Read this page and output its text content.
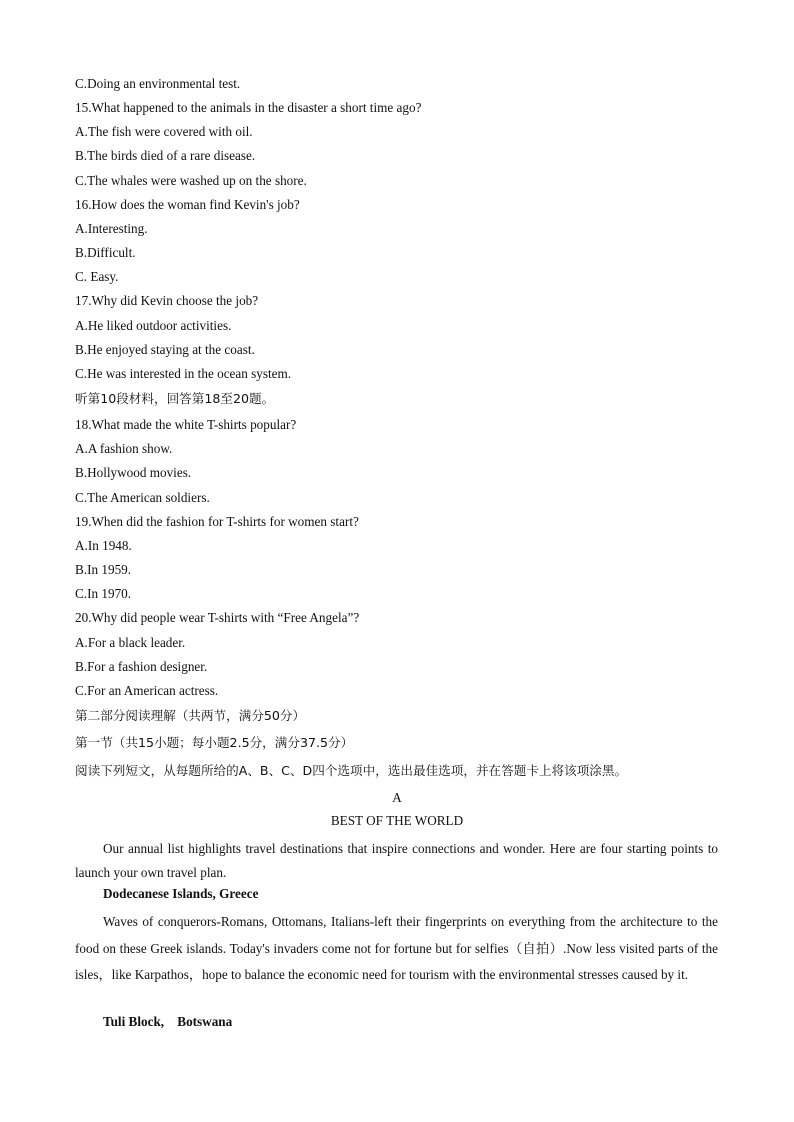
C.Doing an environmental test.
15.What happened to the animals in the disaster a short time ago?
A.The fish were covered with oil.
B.The birds died of a rare disease.
C.The whales were washed up on the shore.
16.How does the woman find Kevin's job?
A.Interesting.
B.Difficult.
C. Easy.
17.Why did Kevin choose the job?
A.He liked outdoor activities.
B.He enjoyed staying at the coast.
C.He was interested in the ocean system.
听第10段材料，回答第18至20题。
18.What made the white T-shirts popular?
A.A fashion show.
B.Hollywood movies.
C.The American soldiers.
19.When did the fashion for T-shirts for women start?
A.In 1948.
B.In 1959.
C.In 1970.
20.Why did people wear T-shirts with “Free Angela”?
A.For a black leader.
B.For a fashion designer.
C.For an American actress.
第二部分阅读理解（共两节，满分50分）
第一节（共15小题；每小题2.5分，满分37.5分）
阅读下列短文，从每题所给的A、B、C、D四个选项中，选出最佳选项，并在答题卡上将该项涂黑。
A
BEST OF THE WORLD
Our annual list highlights travel destinations that inspire connections and wonder. Here are four starting points to launch your own travel plan.
Dodecanese Islands, Greece
Waves of conquerors-Romans, Ottomans, Italians-left their fingerprints on everything from the architecture to the food on these Greek islands. Today's invaders come not for fortune but for selfies（自拍）.Now less visited parts of the isles，like Karpathos，hope to balance the economic need for tourism with the environmental stresses caused by it.
Tuli Block,　Botswana
